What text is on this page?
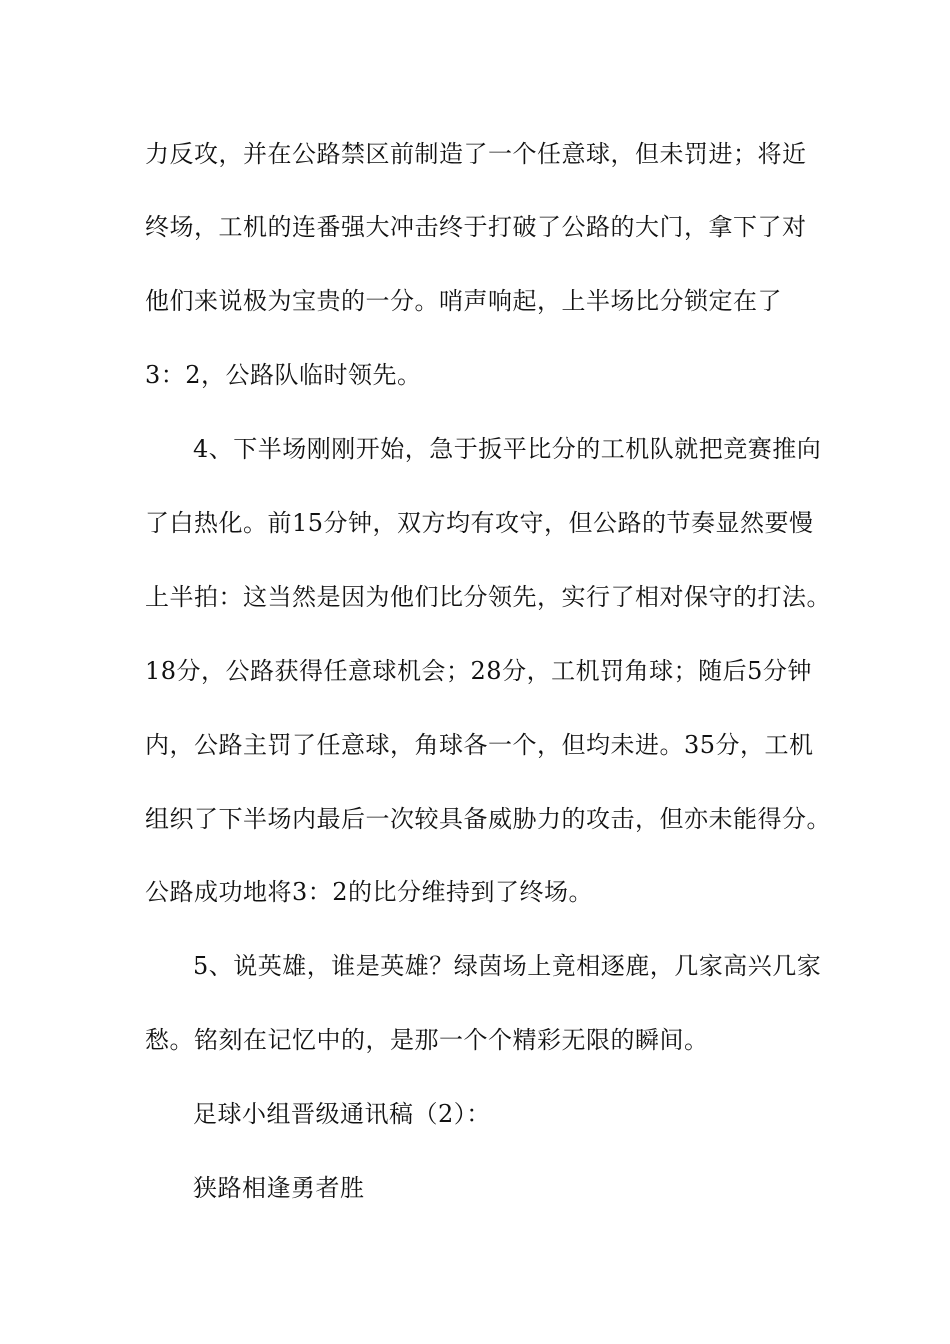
力反攻，并在公路禁区前制造了一个任意球，但未罚进；将近
终场，工机的连番强大冲击终于打破了公路的大门，拿下了对
他们来说极为宝贵的一分。哨声响起，上半场比分锁定在了
3：2，公路队临时领先。
4、下半场刚刚开始，急于扳平比分的工机队就把竞赛推向
了白热化。前15分钟，双方均有攻守，但公路的节奏显然要慢
上半拍：这当然是因为他们比分领先，实行了相对保守的打法。
18分，公路获得任意球机会；28分，工机罚角球；随后5分钟
内，公路主罚了任意球，角球各一个，但均未进。35分，工机
组织了下半场内最后一次较具备威胁力的攻击，但亦未能得分。
公路成功地将3：2的比分维持到了终场。
5、说英雄，谁是英雄？绿茵场上竟相逐鹿，几家高兴几家
愁。铭刻在记忆中的，是那一个个精彩无限的瞬间。
足球小组晋级通讯稿（2）：
狭路相逢勇者胜
